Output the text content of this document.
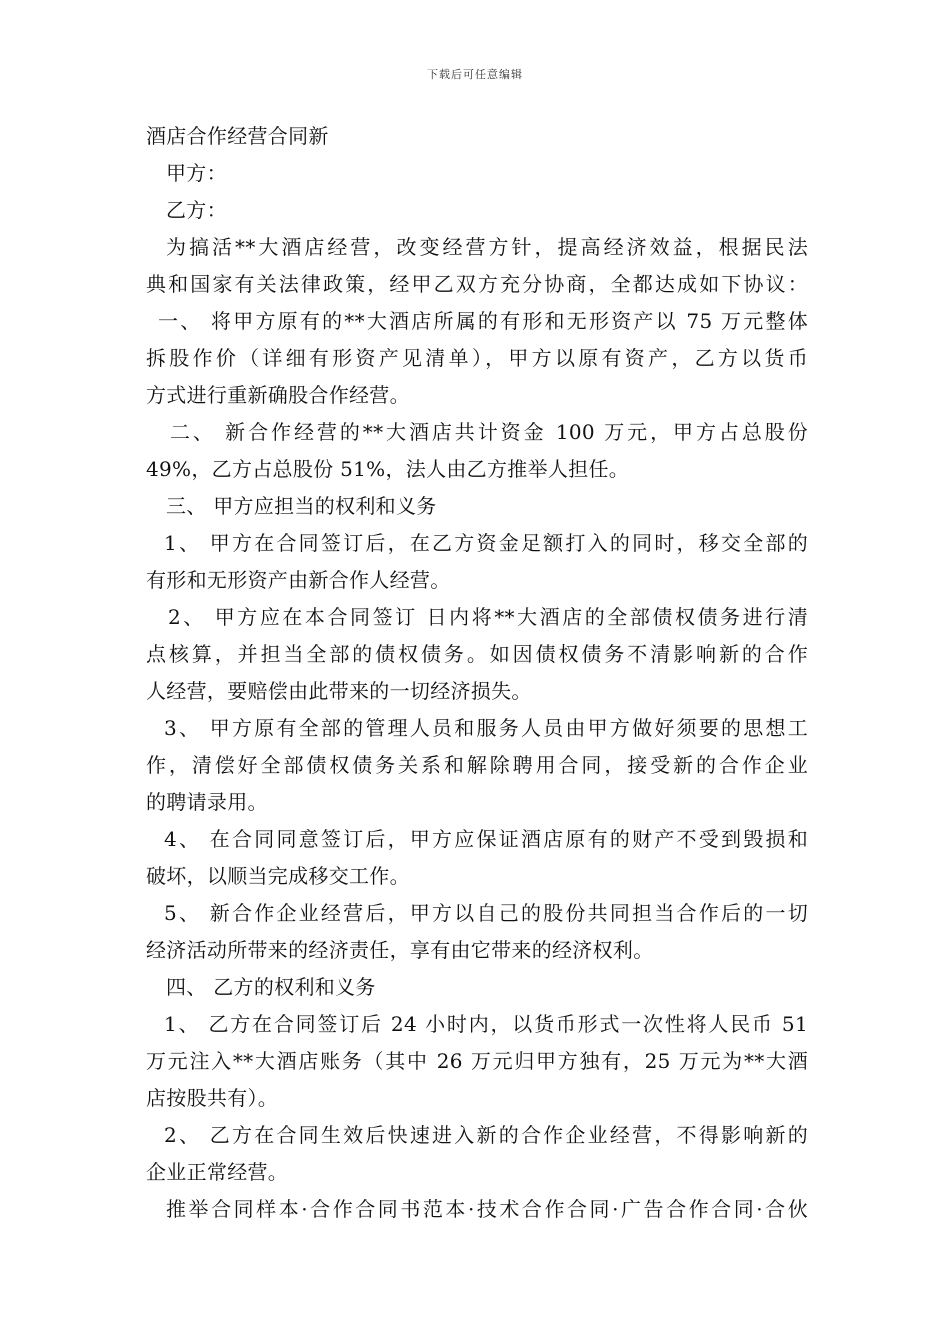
下载后可任意编辑
酒店合作经营合同新
甲方：
乙方：
为搞活**大酒店经营，改变经营方针，提高经济效益，根据民法
典和国家有关法律政策，经甲乙双方充分协商，全都达成如下协议：
一、 将甲方原有的**大酒店所属的有形和无形资产以 75 万元整体
拆股作价（详细有形资产见清单），甲方以原有资产，乙方以货币
方式进行重新确股合作经营。
二、 新合作经营的**大酒店共计资金 100 万元，甲方占总股份
49%，乙方占总股份 51%，法人由乙方推举人担任。
三、 甲方应担当的权利和义务
1、 甲方在合同签订后，在乙方资金足额打入的同时，移交全部的
有形和无形资产由新合作人经营。
2、 甲方应在本合同签订 日内将**大酒店的全部债权债务进行清
点核算，并担当全部的债权债务。如因债权债务不清影响新的合作
人经营，要赔偿由此带来的一切经济损失。
3、 甲方原有全部的管理人员和服务人员由甲方做好须要的思想工
作，清偿好全部债权债务关系和解除聘用合同，接受新的合作企业
的聘请录用。
4、 在合同同意签订后，甲方应保证酒店原有的财产不受到毁损和
破坏，以顺当完成移交工作。
5、 新合作企业经营后，甲方以自己的股份共同担当合作后的一切
经济活动所带来的经济责任，享有由它带来的经济权利。
四、 乙方的权利和义务
1、 乙方在合同签订后 24 小时内，以货币形式一次性将人民币 51
万元注入**大酒店账务（其中 26 万元归甲方独有，25 万元为**大酒
店按股共有）。
2、 乙方在合同生效后快速进入新的合作企业经营，不得影响新的
企业正常经营。
推举合同样本·合作合同书范本·技术合作合同·广告合作合同·合伙
